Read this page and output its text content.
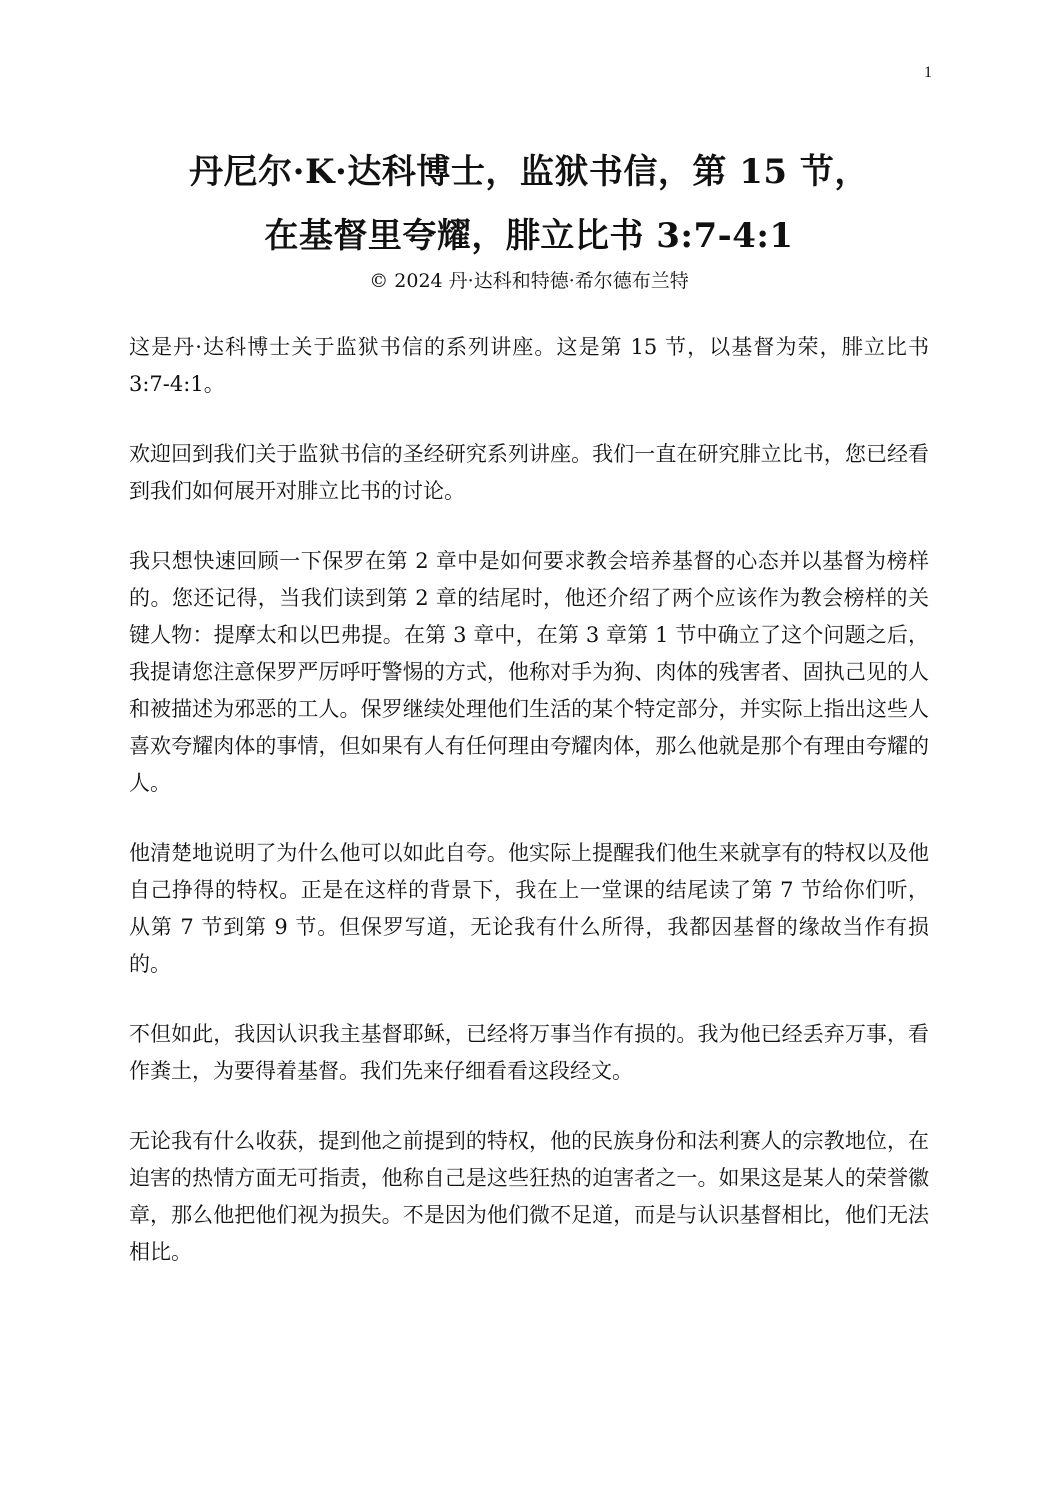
1
丹尼尔·K·达科博士，监狱书信，第 15 节，
在基督里夸耀，腓立比书 3:7-4:1
© 2024 丹·达科和特德·希尔德布兰特

这是丹·达科博士关于监狱书信的系列讲座。这是第 15 节，以基督为荣，腓立比书 3:7-4:1。

欢迎回到我们关于监狱书信的圣经研究系列讲座。我们一直在研究腓立比书，您已经看到我们如何展开对腓立比书的讨论。

我只想快速回顾一下保罗在第 2 章中是如何要求教会培养基督的心态并以基督为榜样的。您还记得，当我们读到第 2 章的结尾时，他还介绍了两个应该作为教会榜样的关键人物：提摩太和以巴弗提。在第 3 章中，在第 3 章第 1 节中确立了这个问题之后，我提请您注意保罗严厉呼吁警惕的方式，他称对手为狗、肉体的残害者、固执己见的人和被描述为邪恶的工人。保罗继续处理他们生活的某个特定部分，并实际上指出这些人喜欢夸耀肉体的事情，但如果有人有任何理由夸耀肉体，那么他就是那个有理由夸耀的人。

他清楚地说明了为什么他可以如此自夸。他实际上提醒我们他生来就享有的特权以及他自己挣得的特权。正是在这样的背景下，我在上一堂课的结尾读了第 7 节给你们听，从第 7 节到第 9 节。但保罗写道，无论我有什么所得，我都因基督的缘故当作有损的。

不但如此，我因认识我主基督耶稣，已经将万事当作有损的。我为他已经丢弃万事，看作粪土，为要得着基督。我们先来仔细看看这段经文。

无论我有什么收获，提到他之前提到的特权，他的民族身份和法利赛人的宗教地位，在迫害的热情方面无可指责，他称自己是这些狂热的迫害者之一。如果这是某人的荣誉徽章，那么他把他们视为损失。不是因为他们微不足道，而是与认识基督相比，他们无法相比。
